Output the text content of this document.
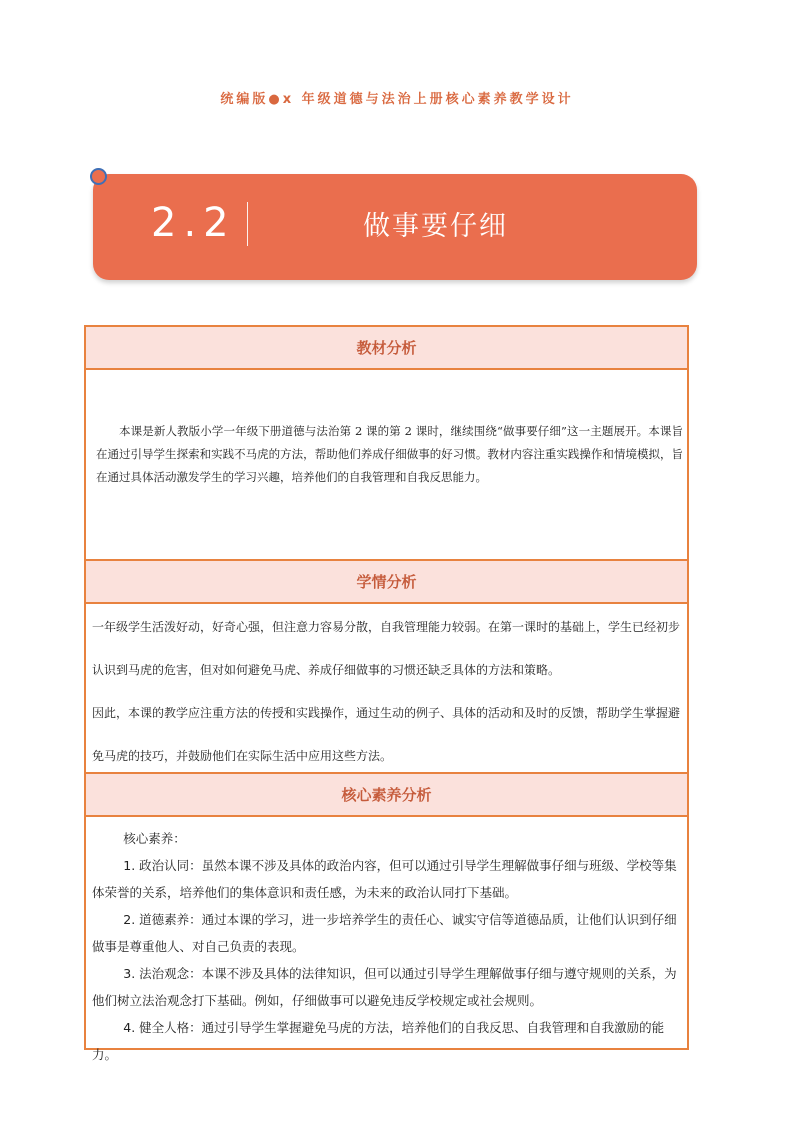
统编版●x 年级道德与法治上册核心素养教学设计
2.2	做事要仔细
教材分析

本课是新人教版小学一年级下册道德与法治第 2 课的第 2 课时，继续围绕“做事要仔细”这一主题展开。本课旨在通过引导学生探索和实践不马虎的方法，帮助他们养成仔细做事的好习惯。教材内容注重实践操作和情境模拟，旨在通过具体活动激发学生的学习兴趣，培养他们的自我管理和自我反思能力。

学情分析

一年级学生活泼好动，好奇心强，但注意力容易分散，自我管理能力较弱。在第一课时的基础上，学生已经初步认识到马虎的危害，但对如何避免马虎、养成仔细做事的习惯还缺乏具体的方法和策略。

因此，本课的教学应注重方法的传授和实践操作，通过生动的例子、具体的活动和及时的反馈，帮助学生掌握避免马虎的技巧，并鼓励他们在实际生活中应用这些方法。

核心素养分析

核心素养：

1. 政治认同：虽然本课不涉及具体的政治内容，但可以通过引导学生理解做事仔细与班级、学校等集体荣誉的关系，培养他们的集体意识和责任感，为未来的政治认同打下基础。

2. 道德素养：通过本课的学习，进一步培养学生的责任心、诚实守信等道德品质，让他们认识到仔细做事是尊重他人、对自己负责的表现。

3. 法治观念：本课不涉及具体的法律知识，但可以通过引导学生理解做事仔细与遵守规则的关系，为他们树立法治观念打下基础。例如，仔细做事可以避免违反学校规定或社会规则。

4. 健全人格：通过引导学生掌握避免马虎的方法，培养他们的自我反思、自我管理和自我激励的能力。
